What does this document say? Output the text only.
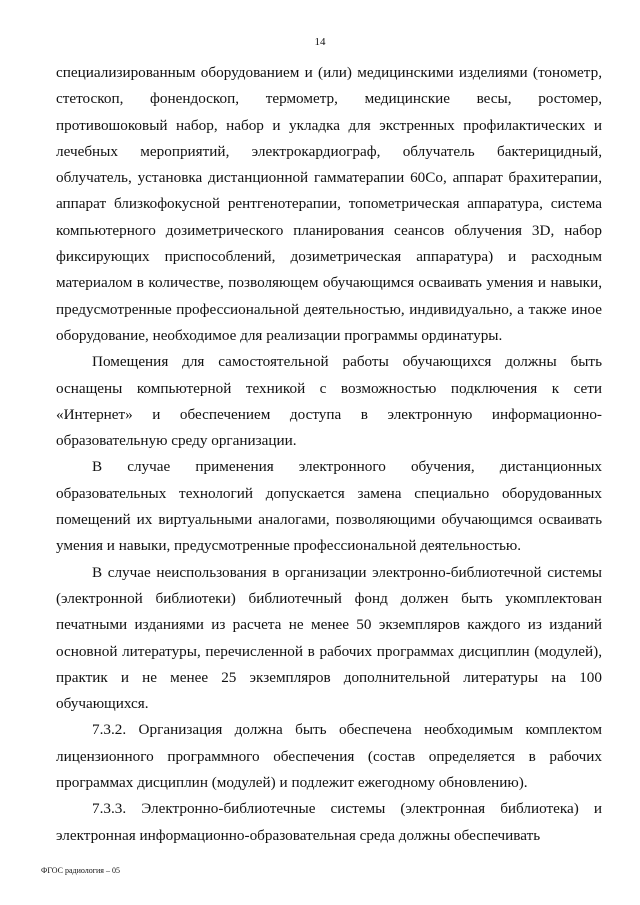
14

специализированным оборудованием и (или) медицинскими изделиями (тонометр, стетоскоп, фонендоскоп, термометр, медицинские весы, ростомер, противошоковый набор, набор и укладка для экстренных профилактических и лечебных мероприятий, электрокардиограф, облучатель бактерицидный, облучатель, установка дистанционной гамматерапии 60Со, аппарат брахитерапии, аппарат близкофокусной рентгенотерапии, топометрическая аппаратура, система компьютерного дозиметрического планирования сеансов облучения 3D, набор фиксирующих приспособлений, дозиметрическая аппаратура) и расходным материалом в количестве, позволяющем обучающимся осваивать умения и навыки, предусмотренные профессиональной деятельностью, индивидуально, а также иное оборудование, необходимое для реализации программы ординатуры.

Помещения для самостоятельной работы обучающихся должны быть оснащены компьютерной техникой с возможностью подключения к сети «Интернет» и обеспечением доступа в электронную информационно-образовательную среду организации.

В случае применения электронного обучения, дистанционных образовательных технологий допускается замена специально оборудованных помещений их виртуальными аналогами, позволяющими обучающимся осваивать умения и навыки, предусмотренные профессиональной деятельностью.

В случае неиспользования в организации электронно-библиотечной системы (электронной библиотеки) библиотечный фонд должен быть укомплектован печатными изданиями из расчета не менее 50 экземпляров каждого из изданий основной литературы, перечисленной в рабочих программах дисциплин (модулей), практик и не менее 25 экземпляров дополнительной литературы на 100 обучающихся.

7.3.2. Организация должна быть обеспечена необходимым комплектом лицензионного программного обеспечения (состав определяется в рабочих программах дисциплин (модулей) и подлежит ежегодному обновлению).

7.3.3. Электронно-библиотечные системы (электронная библиотека) и электронная информационно-образовательная среда должны обеспечивать

ФГОС радиология – 05
